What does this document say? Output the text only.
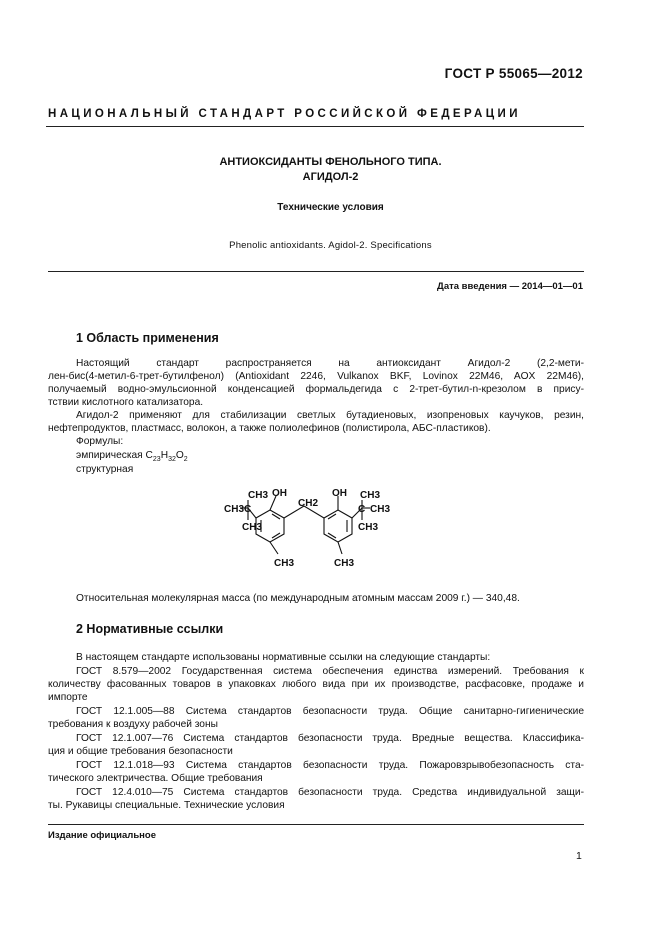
ГОСТ Р 55065—2012
НАЦИОНАЛЬНЫЙ СТАНДАРТ РОССИЙСКОЙ ФЕДЕРАЦИИ
АНТИОКСИДАНТЫ ФЕНОЛЬНОГО ТИПА.
АГИДОЛ-2
Технические условия
Phenolic antioxidants. Agidol-2. Specifications
Дата введения — 2014—01—01
1 Область применения
Настоящий стандарт распространяется на антиоксидант Агидол-2 (2,2-мети-
лен-бис(4-метил-6-трет-бутилфенол) (Antioxidant 2246, Vulkanox BKF, Lovinox 22M46, AOX 22M46),
получаемый водно-эмульсионной конденсацией формальдегида с 2-трет-бутил-n-крезолом в прису-
тствии кислотного катализатора.
Агидол-2 применяют для стабилизации светлых бутадиеновых, изопреновых каучуков, резин,
нефтепродуктов, пластмасс, волокон, а также полиолефинов (полистирола, АБС-пластиков).
Формулы:
эмпирическая $C_{23}H_{32}O_2$
структурная
OH	OH
CH2
CH3
CH3 C
CH3
CH3
C CH3
CH3
CH3	CH3
Относительная молекулярная масса (по международным атомным массам 2009 г.) — 340,48.
2 Нормативные ссылки
В настоящем стандарте использованы нормативные ссылки на следующие стандарты:
ГОСТ 8.579—2002 Государственная система обеспечения единства измерений. Требования к
количеству фасованных товаров в упаковках любого вида при их производстве, расфасовке, продаже и
импорте
ГОСТ 12.1.005—88 Система стандартов безопасности труда. Общие санитарно-гигиенические
требования к воздуху рабочей зоны
ГОСТ 12.1.007—76 Система стандартов безопасности труда. Вредные вещества. Классифика-
ция и общие требования безопасности
ГОСТ 12.1.018—93 Система стандартов безопасности труда. Пожаровзрывобезопасность ста-
тического электричества. Общие требования
ГОСТ 12.4.010—75 Система стандартов безопасности труда. Средства индивидуальной защи-
ты. Рукавицы специальные. Технические условия
Издание официальное
1
